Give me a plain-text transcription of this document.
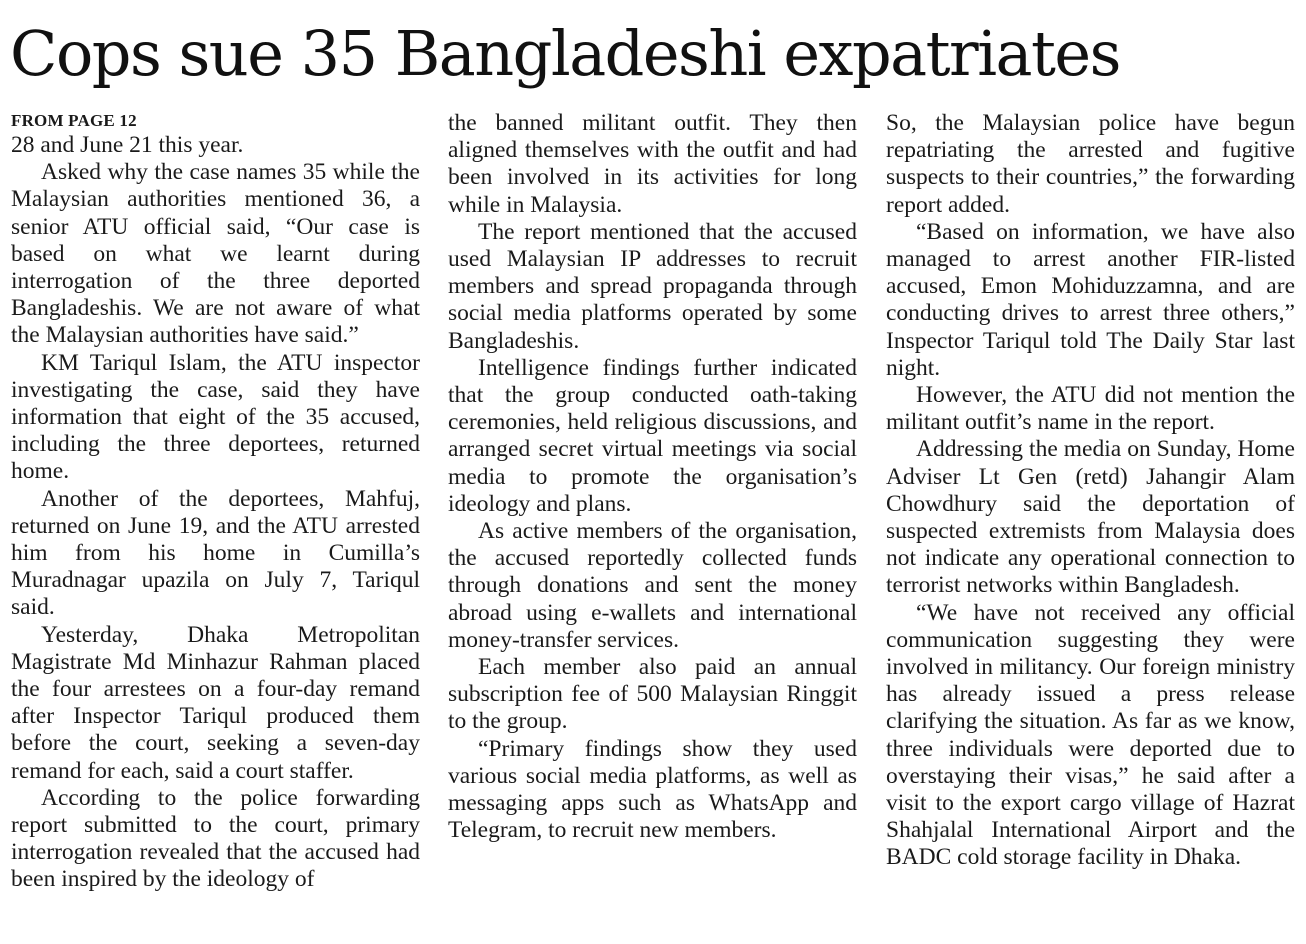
Cops sue 35 Bangladeshi expatriates
FROM PAGE 12

28 and June 21 this year.

Asked why the case names 35 while the Malaysian authorities mentioned 36, a senior ATU official said, “Our case is based on what we learnt during interrogation of the three deported Bangladeshis. We are not aware of what the Malaysian authorities have said.”

KM Tariqul Islam, the ATU inspector investigating the case, said they have information that eight of the 35 accused, including the three deportees, returned home.

Another of the deportees, Mahfuj, returned on June 19, and the ATU arrested him from his home in Cumilla’s Muradnagar upazila on July 7, Tariqul said.

Yesterday, Dhaka Metropolitan Magistrate Md Minhazur Rahman placed the four arrestees on a four-day remand after Inspector Tariqul produced them before the court, seeking a seven-day remand for each, said a court staffer.

According to the police forwarding report submitted to the court, primary interrogation revealed that the accused had been inspired by the ideology of

the banned militant outfit. They then aligned themselves with the outfit and had been involved in its activities for long while in Malaysia.

The report mentioned that the accused used Malaysian IP addresses to recruit members and spread propaganda through social media platforms operated by some Bangladeshis.

Intelligence findings further indicated that the group conducted oath-taking ceremonies, held religious discussions, and arranged secret virtual meetings via social media to promote the organisation’s ideology and plans.

As active members of the organisation, the accused reportedly collected funds through donations and sent the money abroad using e-wallets and international money-transfer services.

Each member also paid an annual subscription fee of 500 Malaysian Ringgit to the group.

“Primary findings show they used various social media platforms, as well as messaging apps such as WhatsApp and Telegram, to recruit new members.

So, the Malaysian police have begun repatriating the arrested and fugitive suspects to their countries,” the forwarding report added.

“Based on information, we have also managed to arrest another FIR-listed accused, Emon Mohiduzzamna, and are conducting drives to arrest three others,” Inspector Tariqul told The Daily Star last night.

However, the ATU did not mention the militant outfit’s name in the report.

Addressing the media on Sunday, Home Adviser Lt Gen (retd) Jahangir Alam Chowdhury said the deportation of suspected extremists from Malaysia does not indicate any operational connection to terrorist networks within Bangladesh.

“We have not received any official communication suggesting they were involved in militancy. Our foreign ministry has already issued a press release clarifying the situation. As far as we know, three individuals were deported due to overstaying their visas,” he said after a visit to the export cargo village of Hazrat Shahjalal International Airport and the BADC cold storage facility in Dhaka.
